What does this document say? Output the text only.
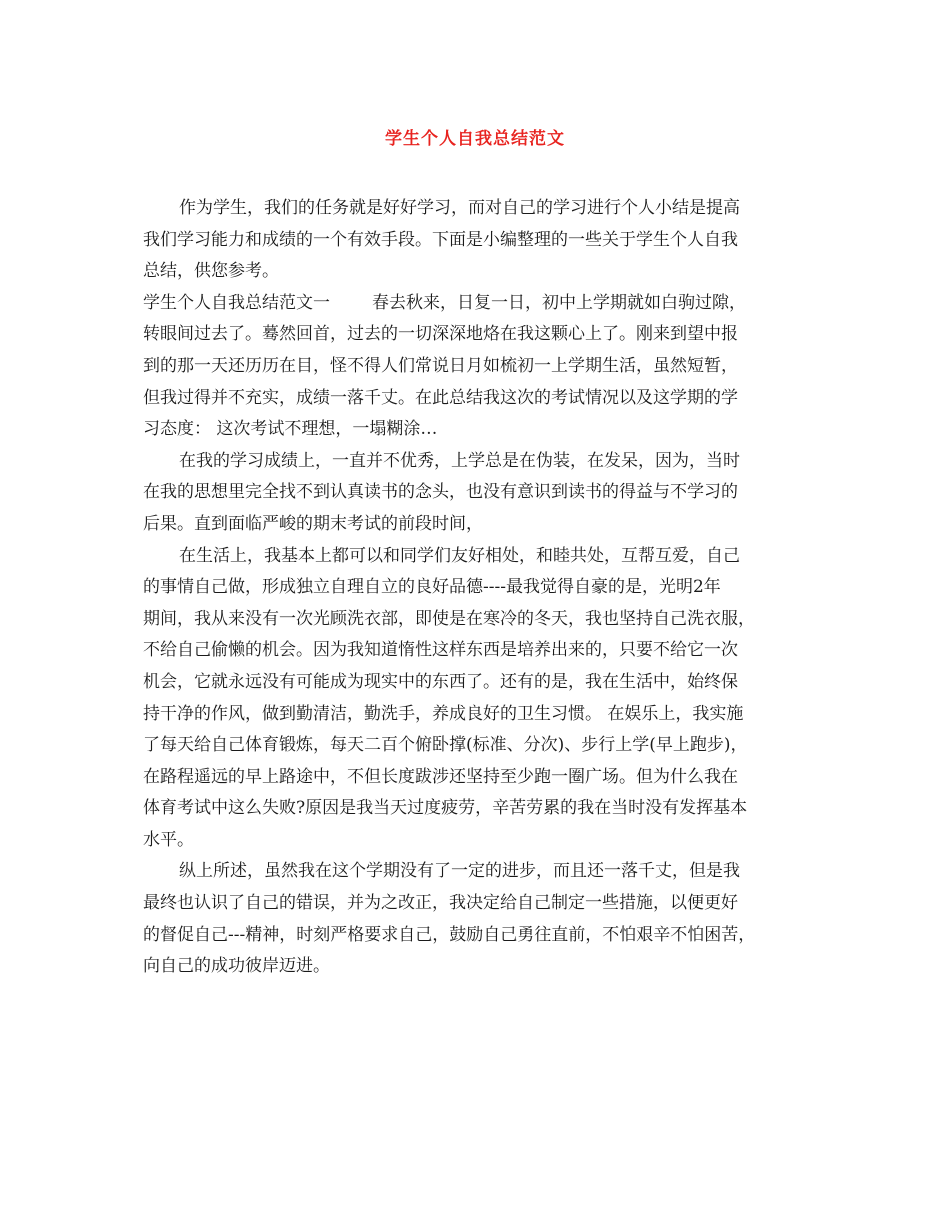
学生个人自我总结范文
作为学生，我们的任务就是好好学习，而对自己的学习进行个人小结是提高
我们学习能力和成绩的一个有效手段。下面是小编整理的一些关于学生个人自我
总结，供您参考。
学生个人自我总结范文一 春去秋来，日复一日，初中上学期就如白驹过隙，
转眼间过去了。蓦然回首，过去的一切深深地烙在我这颗心上了。刚来到望中报
到的那一天还历历在目，怪不得人们常说日月如梳初一上学期生活，虽然短暂，
但我过得并不充实，成绩一落千丈。在此总结我这次的考试情况以及这学期的学
习态度： 这次考试不理想，一塌糊涂…
在我的学习成绩上，一直并不优秀，上学总是在伪装，在发呆，因为，当时
在我的思想里完全找不到认真读书的念头，也没有意识到读书的得益与不学习的
后果。直到面临严峻的期末考试的前段时间，
在生活上，我基本上都可以和同学们友好相处，和睦共处，互帮互爱，自己
的事情自己做，形成独立自理自立的良好品德----最我觉得自豪的是，光明2年
期间，我从来没有一次光顾洗衣部，即使是在寒冷的冬天，我也坚持自己洗衣服，
不给自己偷懒的机会。因为我知道惰性这样东西是培养出来的，只要不给它一次
机会，它就永远没有可能成为现实中的东西了。还有的是，我在生活中，始终保
持干净的作风，做到勤清洁，勤洗手，养成良好的卫生习惯。 在娱乐上，我实施
了每天给自己体育锻炼，每天二百个俯卧撑(标准、分次)、步行上学(早上跑步)，
在路程遥远的早上路途中，不但长度跋涉还坚持至少跑一圈广场。但为什么我在
体育考试中这么失败?原因是我当天过度疲劳，辛苦劳累的我在当时没有发挥基本
水平。
纵上所述，虽然我在这个学期没有了一定的进步，而且还一落千丈，但是我
最终也认识了自己的错误，并为之改正，我决定给自己制定一些措施，以便更好
的督促自己---精神，时刻严格要求自己，鼓励自己勇往直前，不怕艰辛不怕困苦，
向自己的成功彼岸迈进。
